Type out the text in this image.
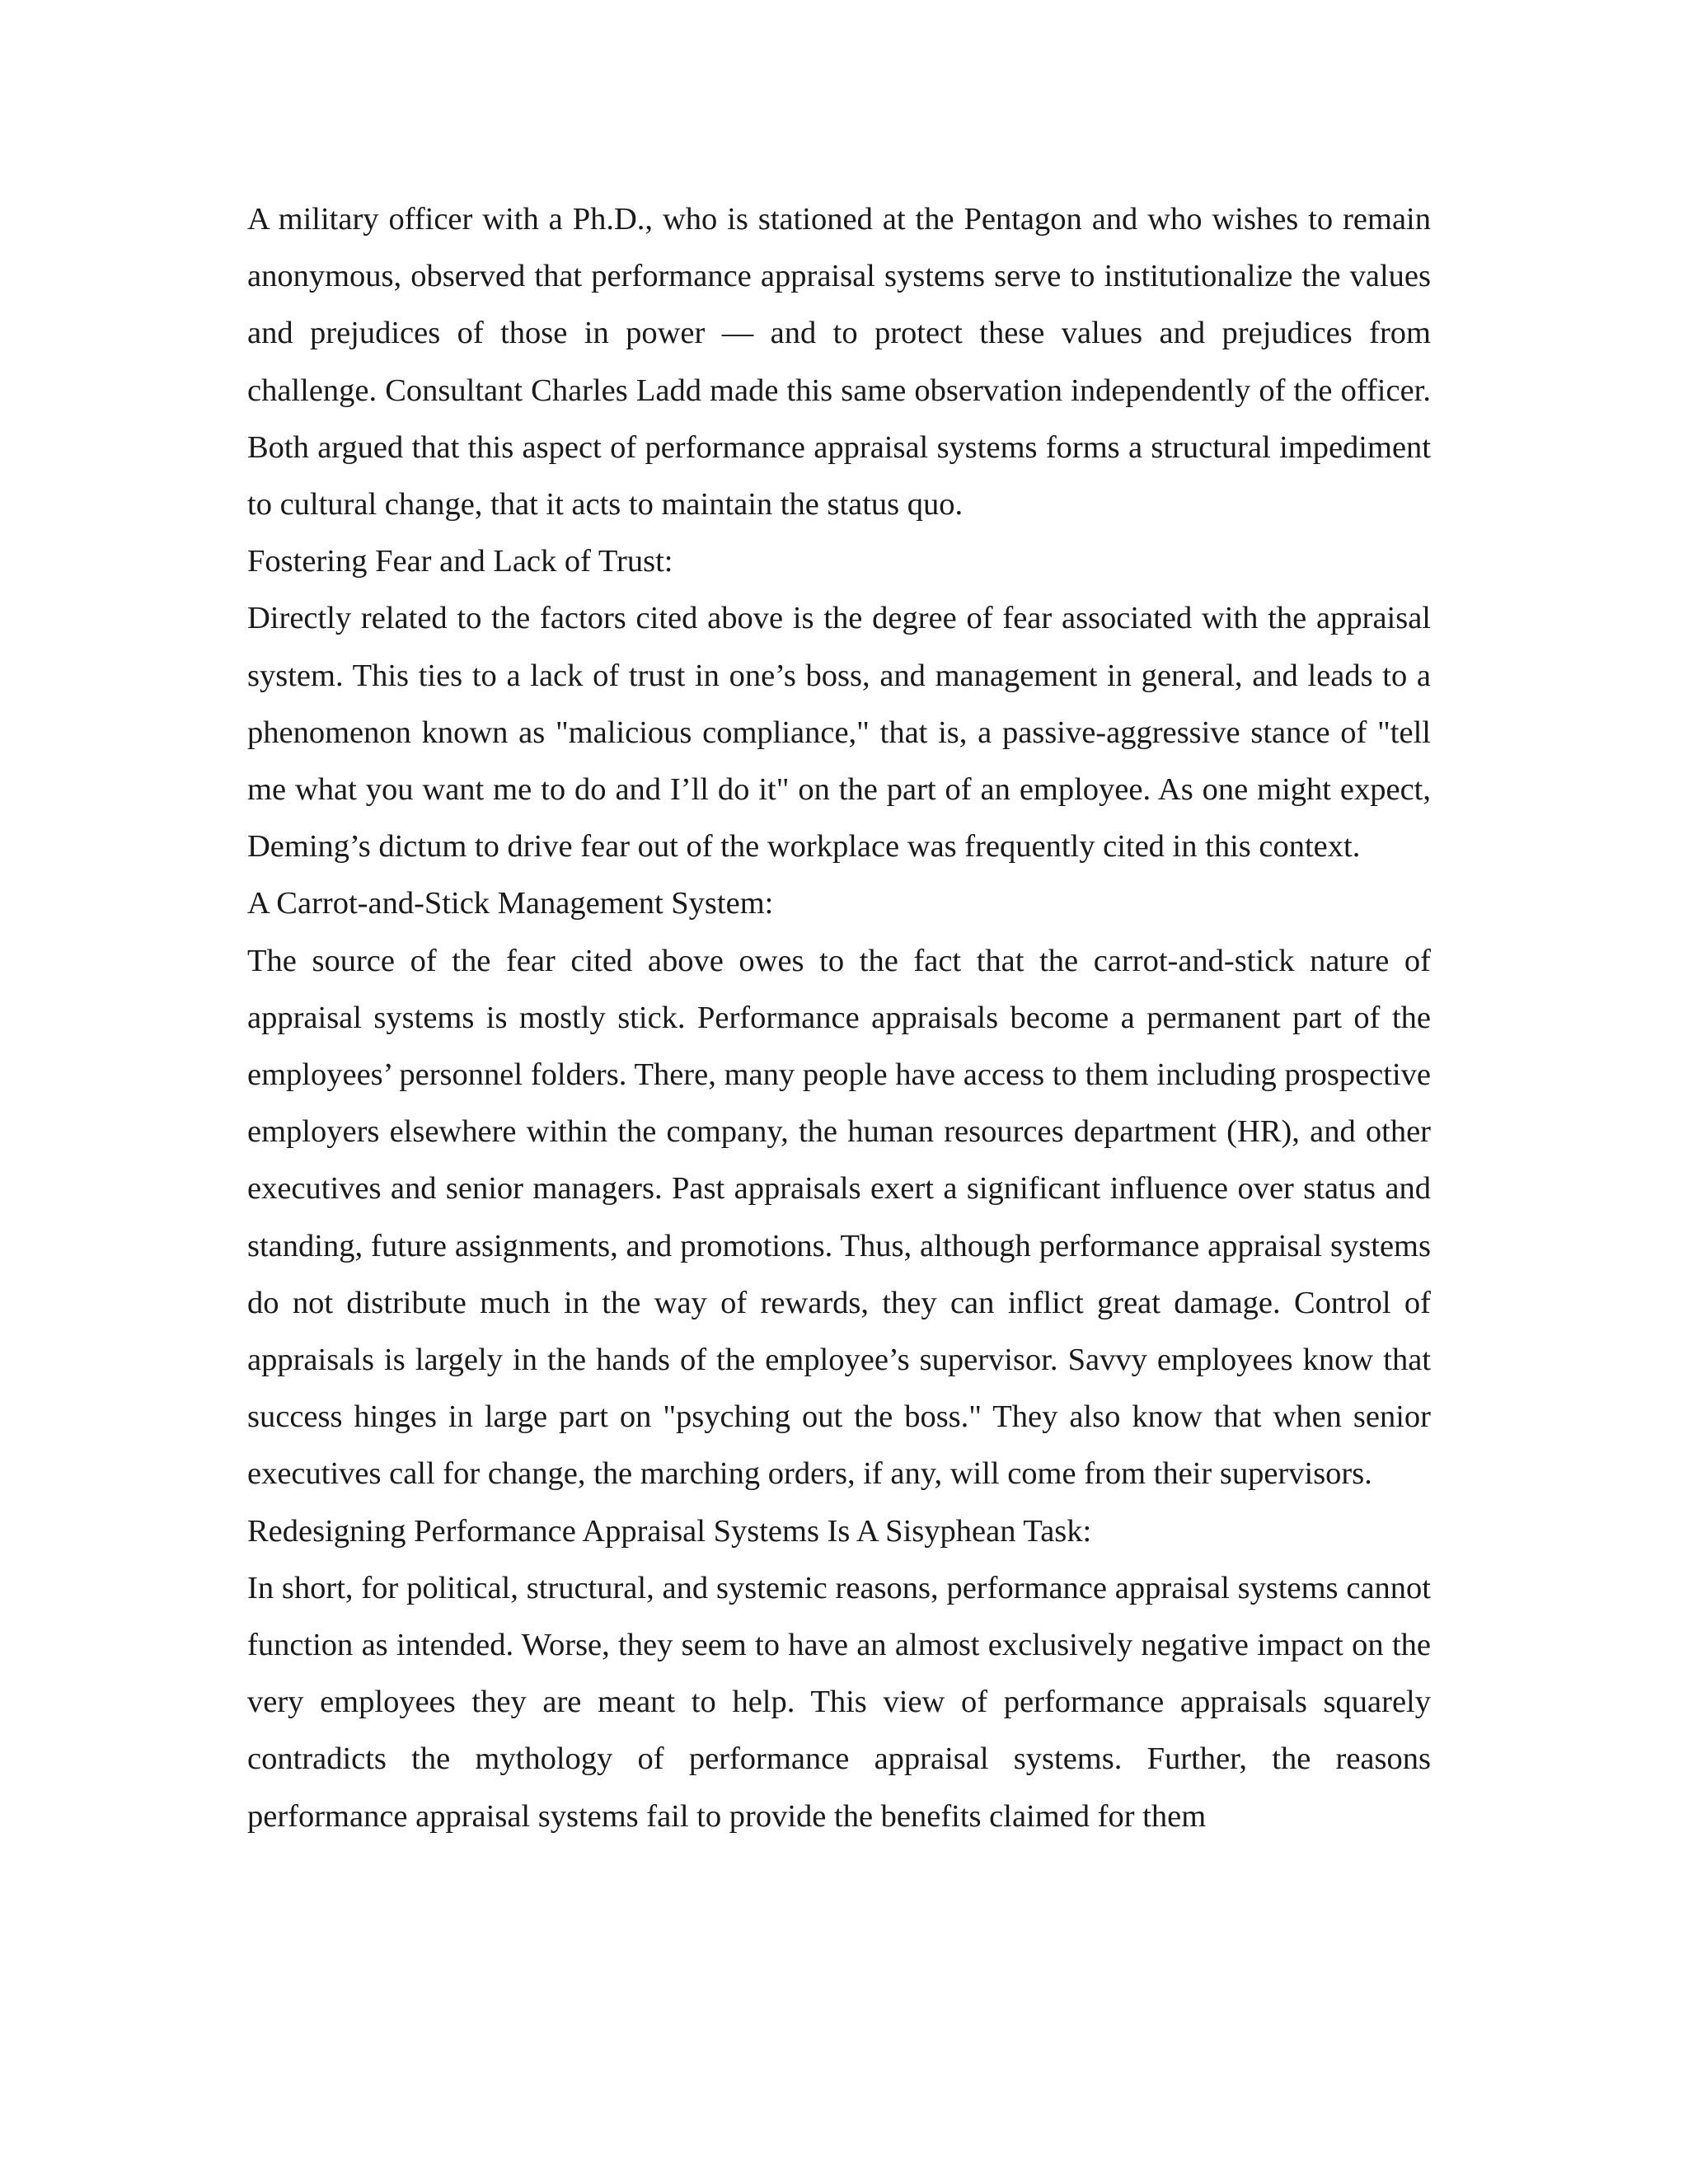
A military officer with a Ph.D., who is stationed at the Pentagon and who wishes to remain anonymous, observed that performance appraisal systems serve to institutionalize the values and prejudices of those in power — and to protect these values and prejudices from challenge. Consultant Charles Ladd made this same observation independently of the officer. Both argued that this aspect of performance appraisal systems forms a structural impediment to cultural change, that it acts to maintain the status quo.

Fostering Fear and Lack of Trust:

Directly related to the factors cited above is the degree of fear associated with the appraisal system. This ties to a lack of trust in one’s boss, and management in general, and leads to a phenomenon known as "malicious compliance," that is, a passive-aggressive stance of "tell me what you want me to do and I’ll do it" on the part of an employee. As one might expect, Deming’s dictum to drive fear out of the workplace was frequently cited in this context.

A Carrot-and-Stick Management System:

The source of the fear cited above owes to the fact that the carrot-and-stick nature of appraisal systems is mostly stick. Performance appraisals become a permanent part of the employees’ personnel folders. There, many people have access to them including prospective employers elsewhere within the company, the human resources department (HR), and other executives and senior managers. Past appraisals exert a significant influence over status and standing, future assignments, and promotions. Thus, although performance appraisal systems do not distribute much in the way of rewards, they can inflict great damage. Control of appraisals is largely in the hands of the employee’s supervisor. Savvy employees know that success hinges in large part on "psyching out the boss." They also know that when senior executives call for change, the marching orders, if any, will come from their supervisors.

Redesigning Performance Appraisal Systems Is A Sisyphean Task:

In short, for political, structural, and systemic reasons, performance appraisal systems cannot function as intended. Worse, they seem to have an almost exclusively negative impact on the very employees they are meant to help. This view of performance appraisals squarely contradicts the mythology of performance appraisal systems. Further, the reasons performance appraisal systems fail to provide the benefits claimed for them
